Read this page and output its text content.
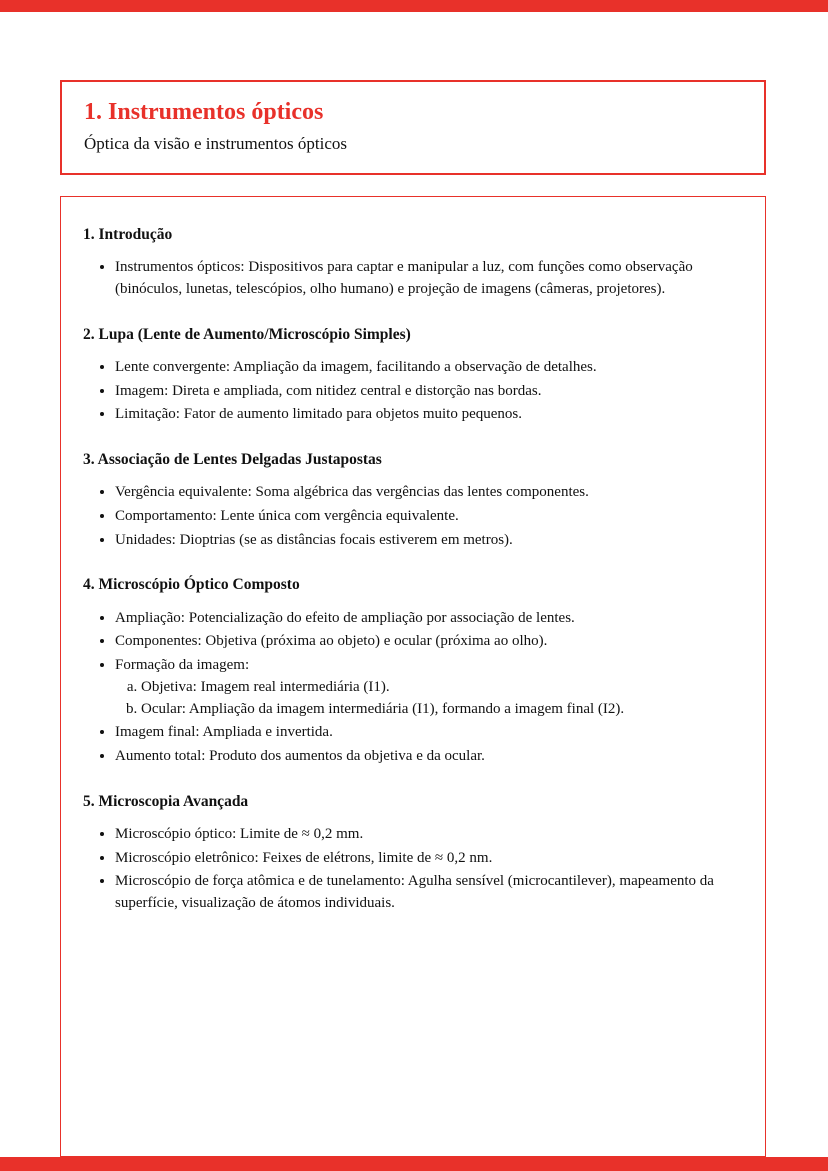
1. Instrumentos ópticos

Óptica da visão e instrumentos ópticos

1. Introdução
• Instrumentos ópticos: Dispositivos para captar e manipular a luz, com funções como observação (binóculos, lunetas, telescópios, olho humano) e projeção de imagens (câmeras, projetores).
2. Lupa (Lente de Aumento/Microscópio Simples)
• Lente convergente: Ampliação da imagem, facilitando a observação de detalhes.
• Imagem: Direta e ampliada, com nitidez central e distorção nas bordas.
• Limitação: Fator de aumento limitado para objetos muito pequenos.
3. Associação de Lentes Delgadas Justapostas
• Vergência equivalente: Soma algébrica das vergências das lentes componentes.
• Comportamento: Lente única com vergência equivalente.
• Unidades: Dioptrias (se as distâncias focais estiverem em metros).
4. Microscópio Óptico Composto
• Ampliação: Potencialização do efeito de ampliação por associação de lentes.
• Componentes: Objetiva (próxima ao objeto) e ocular (próxima ao olho).
• Formação da imagem:
a. Objetiva: Imagem real intermediária (I1).
b. Ocular: Ampliação da imagem intermediária (I1), formando a imagem final (I2).
• Imagem final: Ampliada e invertida.
• Aumento total: Produto dos aumentos da objetiva e da ocular.
5. Microscopia Avançada
• Microscópio óptico: Limite de ≈ 0,2 mm.
• Microscópio eletrônico: Feixes de elétrons, limite de ≈ 0,2 nm.
• Microscópio de força atômica e de tunelamento: Agulha sensível (microcantilever), mapeamento da superfície, visualização de átomos individuais.
